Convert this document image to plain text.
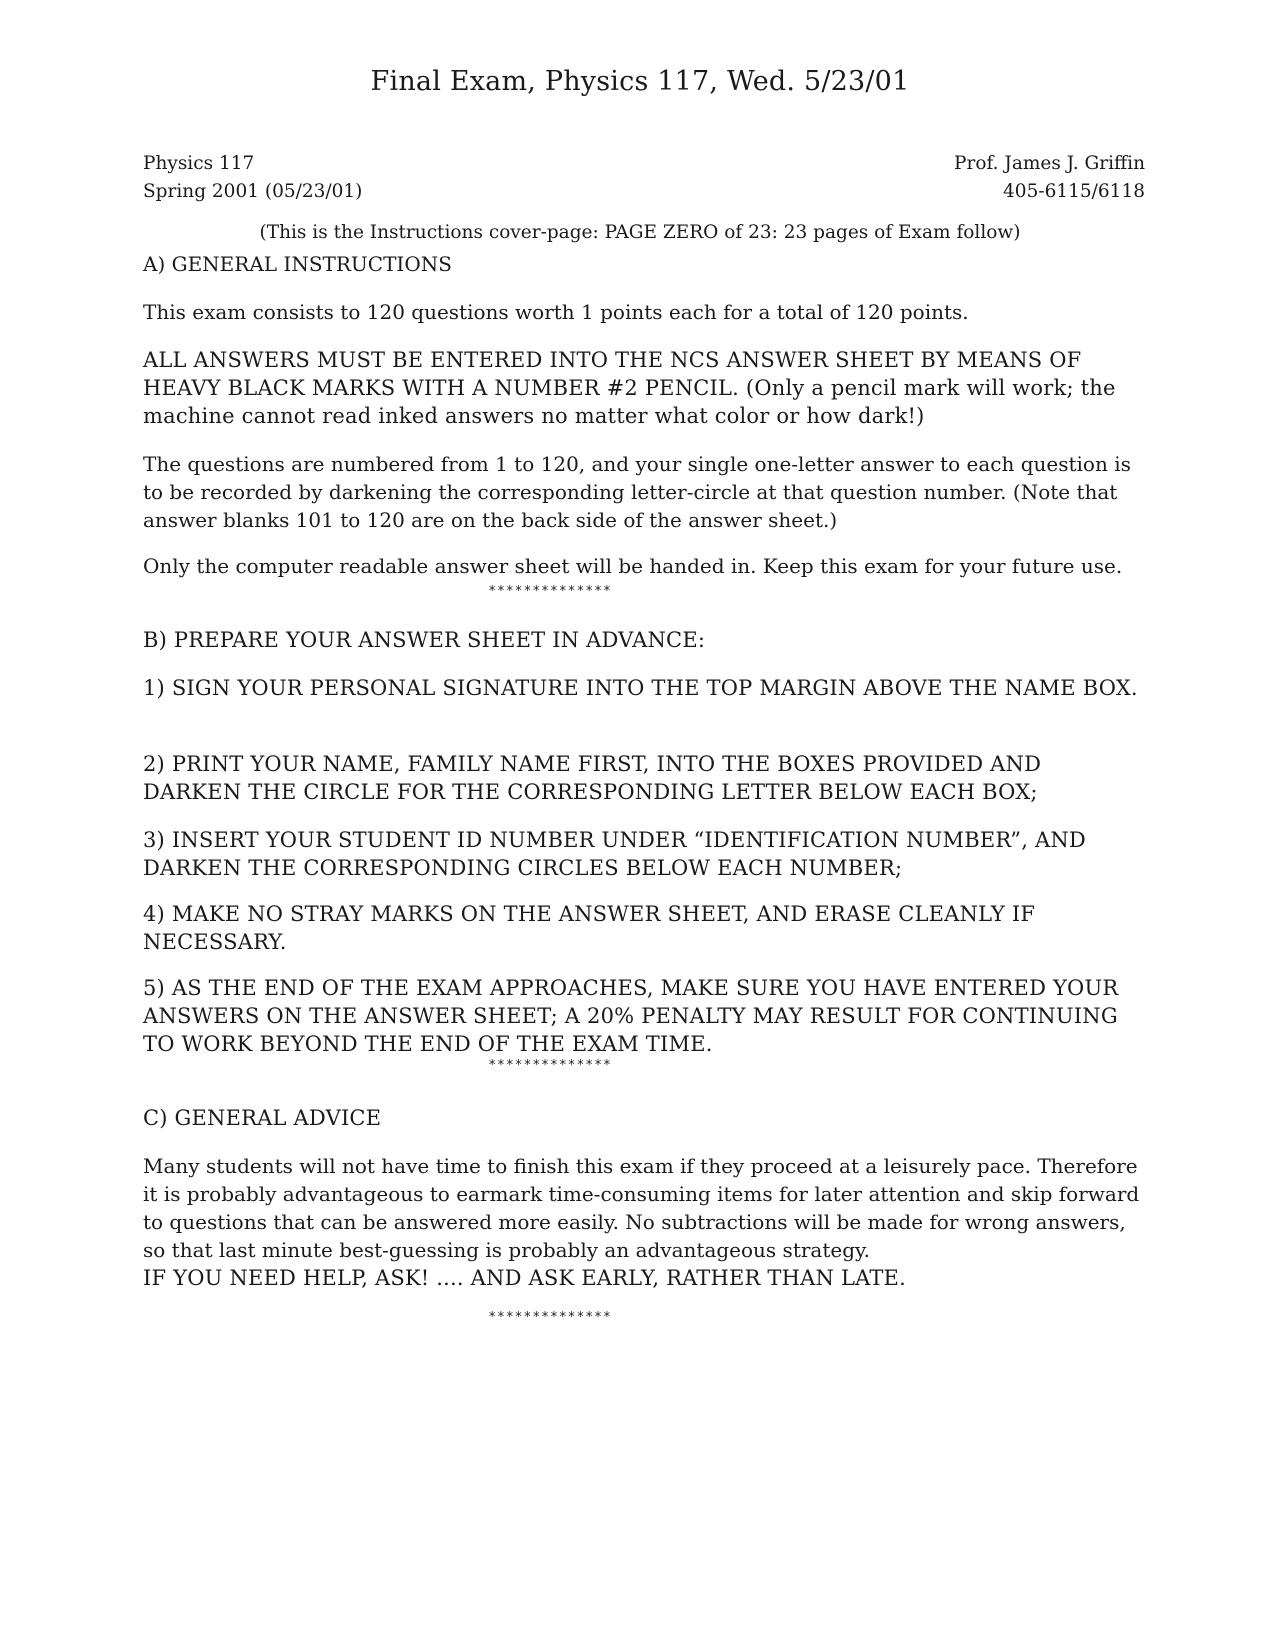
Final Exam, Physics 117, Wed. 5/23/01
Physics 117
Spring 2001 (05/23/01)
Prof. James J. Griffin
405-6115/6118
(This is the Instructions cover-page: PAGE ZERO of 23: 23 pages of Exam follow)

A) GENERAL INSTRUCTIONS

This exam consists to 120 questions worth 1 points each for a total of 120 points.

ALL ANSWERS MUST BE ENTERED INTO THE NCS ANSWER SHEET BY MEANS OF HEAVY BLACK MARKS WITH A NUMBER #2 PENCIL. (Only a pencil mark will work; the machine cannot read inked answers no matter what color or how dark!)

The questions are numbered from 1 to 120, and your single one-letter answer to each question is to be recorded by darkening the corresponding letter-circle at that question number. (Note that answer blanks 101 to 120 are on the back side of the answer sheet.)

Only the computer readable answer sheet will be handed in. Keep this exam for your future use.

**************

B) PREPARE YOUR ANSWER SHEET IN ADVANCE:

1) SIGN YOUR PERSONAL SIGNATURE INTO THE TOP MARGIN ABOVE THE NAME BOX.

2) PRINT YOUR NAME, FAMILY NAME FIRST, INTO THE BOXES PROVIDED AND DARKEN THE CIRCLE FOR THE CORRESPONDING LETTER BELOW EACH BOX;

3) INSERT YOUR STUDENT ID NUMBER UNDER “IDENTIFICATION NUMBER”, AND DARKEN THE CORRESPONDING CIRCLES BELOW EACH NUMBER;

4) MAKE NO STRAY MARKS ON THE ANSWER SHEET, AND ERASE CLEANLY IF NECESSARY.

5) AS THE END OF THE EXAM APPROACHES, MAKE SURE YOU HAVE ENTERED YOUR ANSWERS ON THE ANSWER SHEET; A 20% PENALTY MAY RESULT FOR CONTINUING TO WORK BEYOND THE END OF THE EXAM TIME.

**************

C) GENERAL ADVICE

Many students will not have time to finish this exam if they proceed at a leisurely pace. Therefore it is probably advantageous to earmark time-consuming items for later attention and skip forward to questions that can be answered more easily. No subtractions will be made for wrong answers, so that last minute best-guessing is probably an advantageous strategy.

IF YOU NEED HELP, ASK! .... AND ASK EARLY, RATHER THAN LATE.

**************
